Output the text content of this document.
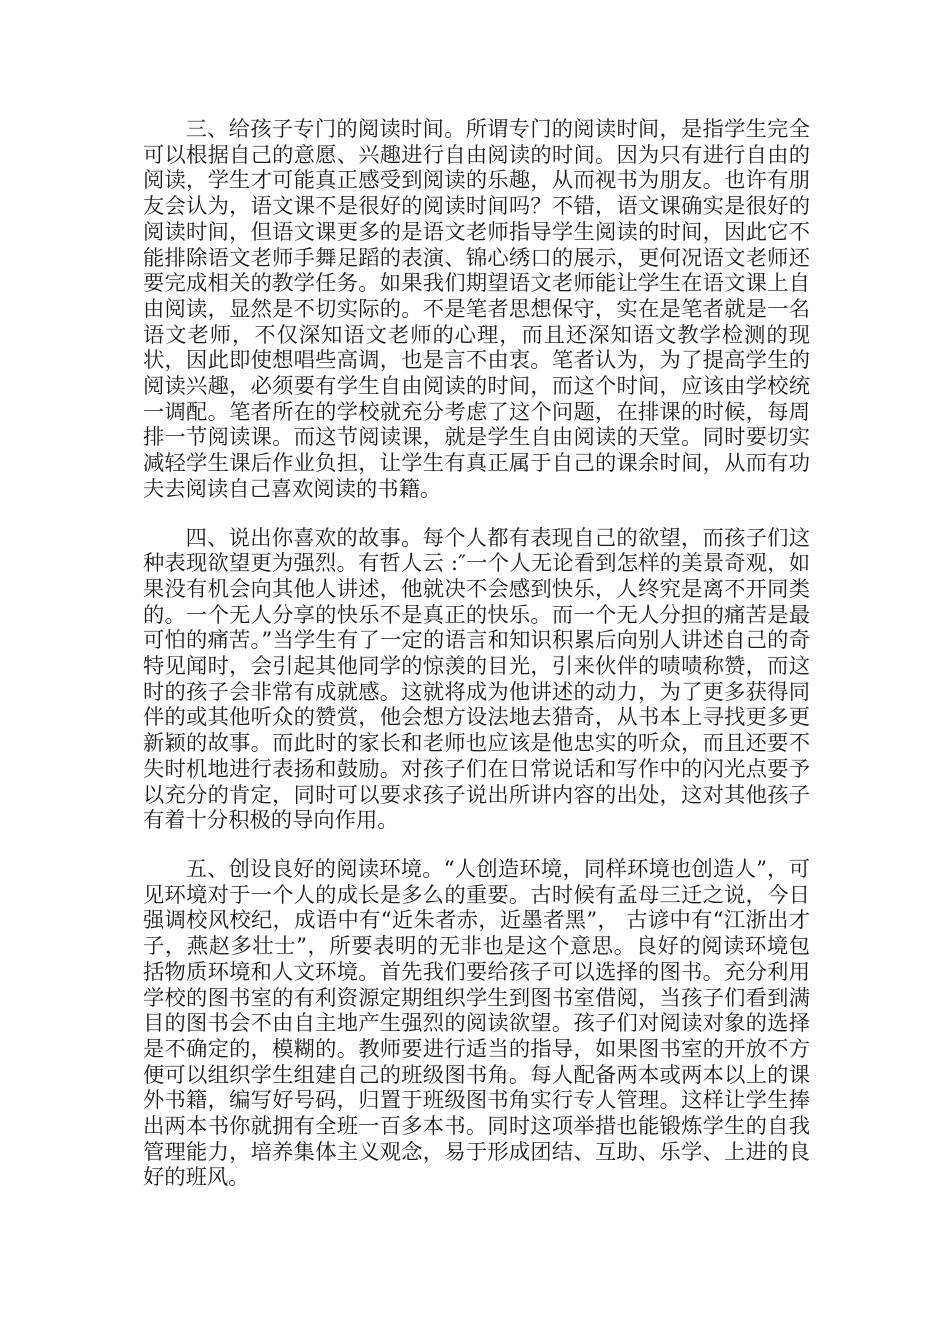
三、给孩子专门的阅读时间。所谓专门的阅读时间，是指学生完全可以根据自己的意愿、兴趣进行自由阅读的时间。因为只有进行自由的阅读，学生才可能真正感受到阅读的乐趣，从而视书为朋友。也许有朋友会认为，语文课不是很好的阅读时间吗？不错，语文课确实是很好的阅读时间，但语文课更多的是语文老师指导学生阅读的时间，因此它不能排除语文老师手舞足蹈的表演、锦心绣口的展示，更何况语文老师还要完成相关的教学任务。如果我们期望语文老师能让学生在语文课上自由阅读，显然是不切实际的。不是笔者思想保守，实在是笔者就是一名语文老师，不仅深知语文老师的心理，而且还深知语文教学检测的现状，因此即使想唱些高调，也是言不由衷。笔者认为，为了提高学生的阅读兴趣，必须要有学生自由阅读的时间，而这个时间，应该由学校统一调配。笔者所在的学校就充分考虑了这个问题，在排课的时候，每周排一节阅读课。而这节阅读课，就是学生自由阅读的天堂。同时要切实减轻学生课后作业负担，让学生有真正属于自己的课余时间，从而有功夫去阅读自己喜欢阅读的书籍。

四、说出你喜欢的故事。每个人都有表现自己的欲望，而孩子们这种表现欲望更为强烈。有哲人云 :″一个人无论看到怎样的美景奇观，如果没有机会向其他人讲述，他就决不会感到快乐，人终究是离不开同类的。一个无人分享的快乐不是真正的快乐。而一个无人分担的痛苦是最可怕的痛苦。”当学生有了一定的语言和知识积累后向别人讲述自己的奇特见闻时，会引起其他同学的惊羡的目光，引来伙伴的啧啧称赞，而这时的孩子会非常有成就感。这就将成为他讲述的动力，为了更多获得同伴的或其他听众的赞赏，他会想方设法地去猎奇，从书本上寻找更多更新颖的故事。而此时的家长和老师也应该是他忠实的听众，而且还要不失时机地进行表扬和鼓励。对孩子们在日常说话和写作中的闪光点要予以充分的肯定，同时可以要求孩子说出所讲内容的出处，这对其他孩子有着十分积极的导向作用。

五、创设良好的阅读环境。“人创造环境，同样环境也创造人”，可见环境对于一个人的成长是多么的重要。古时候有孟母三迁之说，今日强调校风校纪，成语中有“近朱者赤，近墨者黑”， 古谚中有“江浙出才子，燕赵多壮士”，所要表明的无非也是这个意思。良好的阅读环境包括物质环境和人文环境。首先我们要给孩子可以选择的图书。充分利用学校的图书室的有利资源定期组织学生到图书室借阅，当孩子们看到满目的图书会不由自主地产生强烈的阅读欲望。孩子们对阅读对象的选择是不确定的，模糊的。教师要进行适当的指导，如果图书室的开放不方便可以组织学生组建自己的班级图书角。每人配备两本或两本以上的课外书籍，编写好号码，归置于班级图书角实行专人管理。这样让学生捧出两本书你就拥有全班一百多本书。同时这项举措也能锻炼学生的自我管理能力，培养集体主义观念，易于形成团结、互助、乐学、上进的良好的班风。
